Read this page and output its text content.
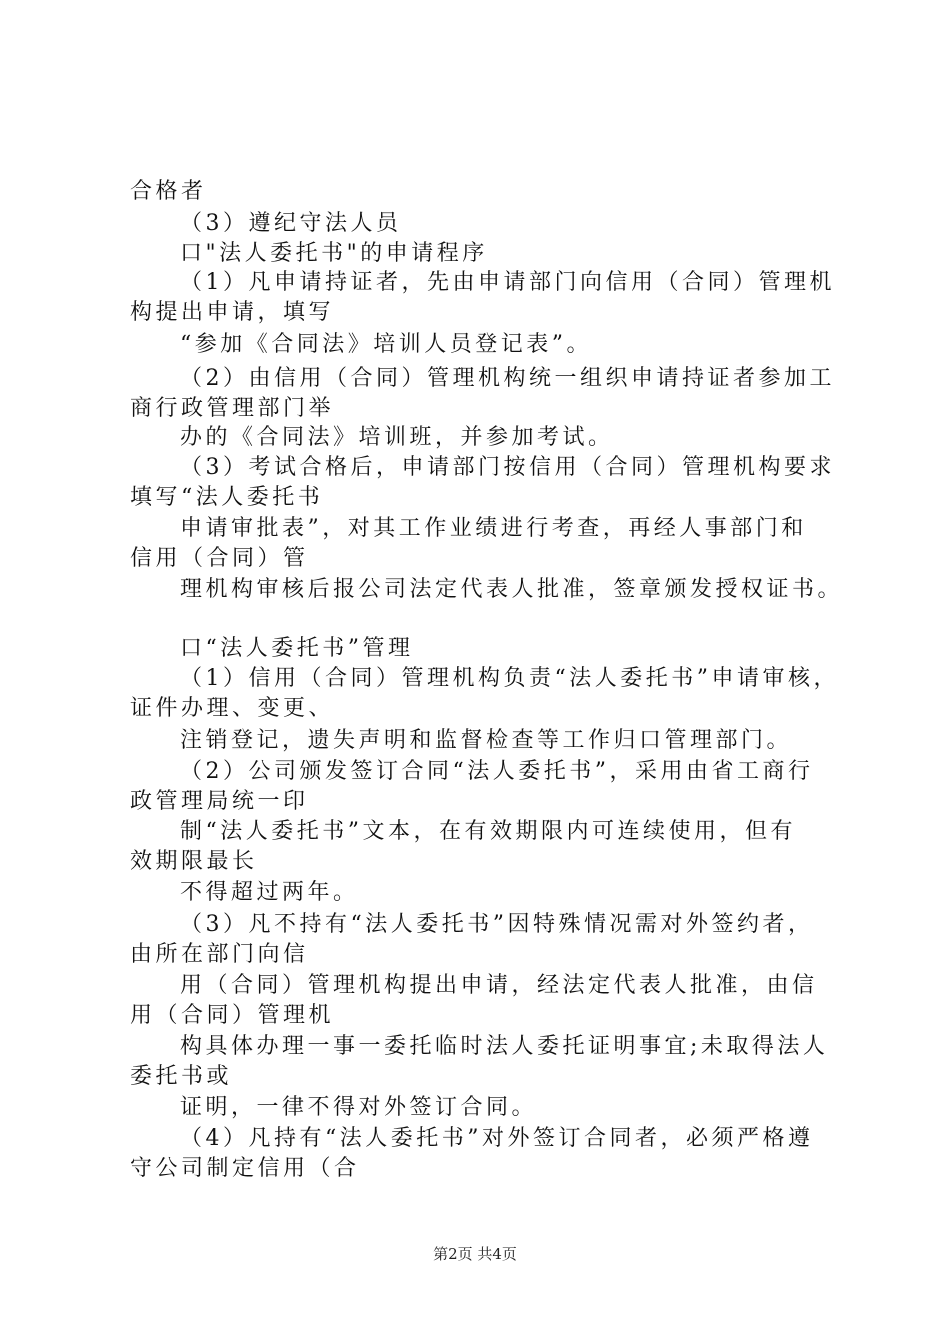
合格者
（3）遵纪守法人员
口"法人委托书"的申请程序
（1）凡申请持证者，先由申请部门向信用（合同）管理机
构提出申请，填写
“参加《合同法》培训人员登记表”。
（2）由信用（合同）管理机构统一组织申请持证者参加工
商行政管理部门举
办的《合同法》培训班，并参加考试。
（3）考试合格后，申请部门按信用（合同）管理机构要求
填写“法人委托书
申请审批表”，对其工作业绩进行考查，再经人事部门和
信用（合同）管
理机构审核后报公司法定代表人批准，签章颁发授权证书。
口“法人委托书”管理
（1）信用（合同）管理机构负责“法人委托书”申请审核，
证件办理、变更、
注销登记，遗失声明和监督检查等工作归口管理部门。
（2）公司颁发签订合同“法人委托书”，采用由省工商行
政管理局统一印
制“法人委托书”文本，在有效期限内可连续使用，但有
效期限最长
不得超过两年。
（3）凡不持有“法人委托书”因特殊情况需对外签约者，
由所在部门向信
用（合同）管理机构提出申请，经法定代表人批准，由信
用（合同）管理机
构具体办理一事一委托临时法人委托证明事宜;未取得法人
委托书或
证明，一律不得对外签订合同。
（4）凡持有“法人委托书”对外签订合同者，必须严格遵
守公司制定信用（合
第2页 共4页
